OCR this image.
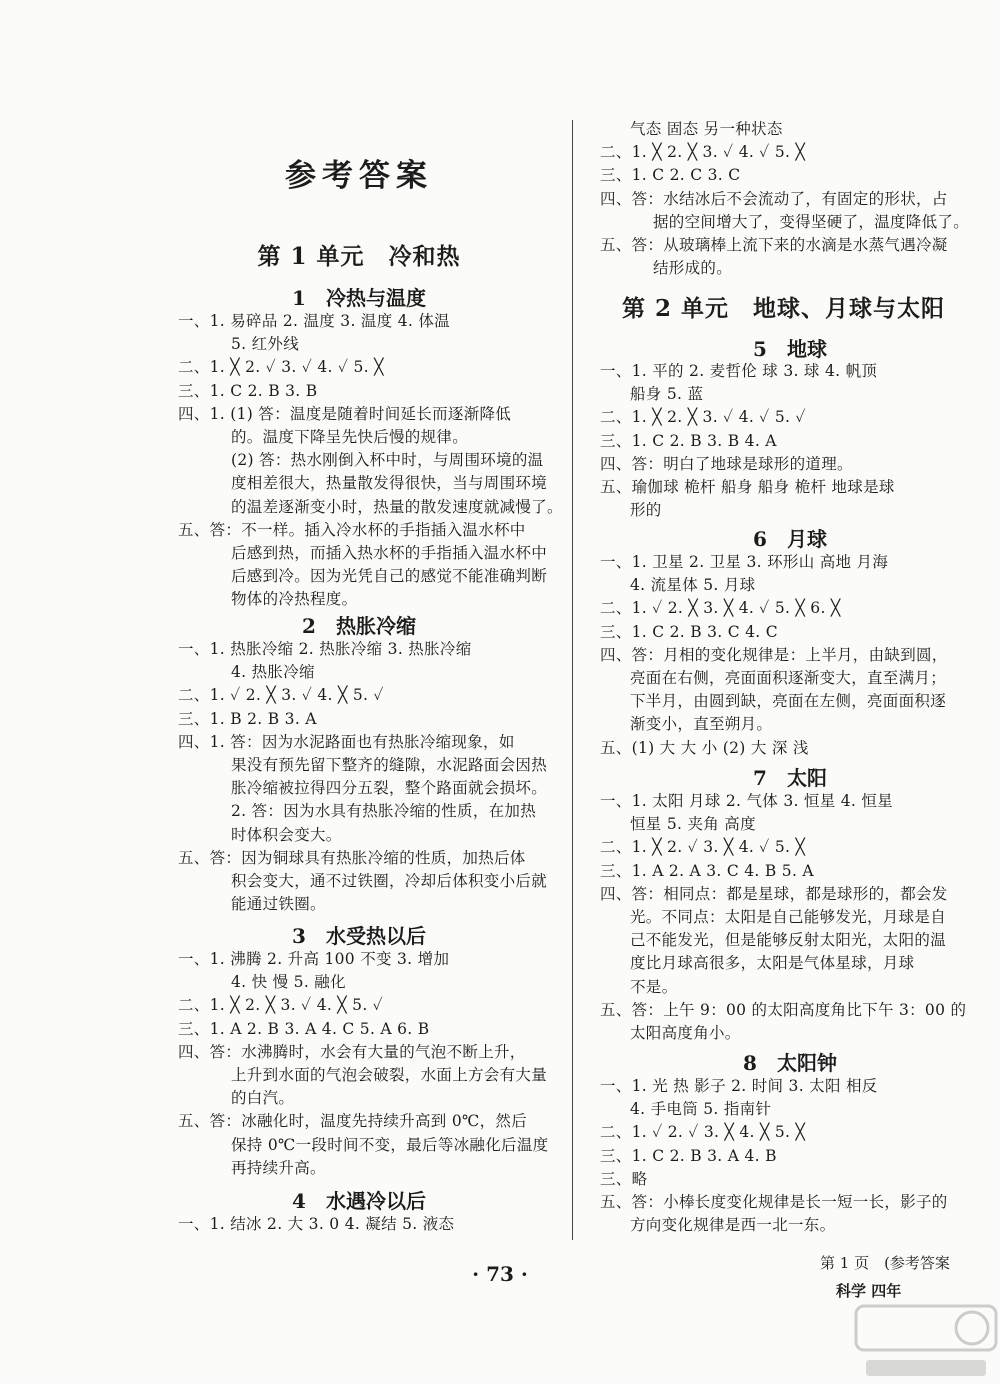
参考答案
第 1 单元　冷和热
1　冷热与温度
一、1. 易碎品 2. 温度 3. 温度 4. 体温
5. 红外线
二、1. ╳ 2. ✓ 3. ✓ 4. ✓ 5. ╳
三、1. C 2. B 3. B
四、1. (1) 答：温度是随着时间延长而逐渐降低
的。温度下降呈先快后慢的规律。
(2) 答：热水刚倒入杯中时，与周围环境的温
度相差很大，热量散发得很快，当与周围环境
的温差逐渐变小时，热量的散发速度就减慢了。
五、答：不一样。插入冷水杯的手指插入温水杯中
后感到热，而插入热水杯的手指插入温水杯中
后感到冷。因为光凭自己的感觉不能准确判断
物体的冷热程度。
2　热胀冷缩
一、1. 热胀冷缩 2. 热胀冷缩 3. 热胀冷缩
4. 热胀冷缩
二、1. ✓ 2. ╳ 3. ✓ 4. ╳ 5. ✓
三、1. B 2. B 3. A
四、1. 答：因为水泥路面也有热胀冷缩现象，如
果没有预先留下整齐的缝隙，水泥路面会因热
胀冷缩被拉得四分五裂，整个路面就会损坏。
2. 答：因为水具有热胀冷缩的性质，在加热
时体积会变大。
五、答：因为铜球具有热胀冷缩的性质，加热后体
积会变大，通不过铁圈，冷却后体积变小后就
能通过铁圈。
3　水受热以后
一、1. 沸腾 2. 升高 100 不变 3. 增加
4. 快 慢 5. 融化
二、1. ╳ 2. ╳ 3. ✓ 4. ╳ 5. ✓
三、1. A 2. B 3. A 4. C 5. A 6. B
四、答：水沸腾时，水会有大量的气泡不断上升，
上升到水面的气泡会破裂，水面上方会有大量
的白汽。
五、答：冰融化时，温度先持续升高到 0℃，然后
保持 0℃一段时间不变，最后等冰融化后温度
再持续升高。
4　水遇冷以后
一、1. 结冰 2. 大 3. 0 4. 凝结 5. 液态
气态 固态 另一种状态
二、1. ╳ 2. ╳ 3. ✓ 4. ✓ 5. ╳
三、1. C 2. C 3. C
四、答：水结冰后不会流动了，有固定的形状，占
据的空间增大了，变得坚硬了，温度降低了。
五、答：从玻璃棒上流下来的水滴是水蒸气遇冷凝
结形成的。
第 2 单元　地球、月球与太阳
5　地球
一、1. 平的 2. 麦哲伦 球 3. 球 4. 帆顶
船身 5. 蓝
二、1. ╳ 2. ╳ 3. ✓ 4. ✓ 5. ✓
三、1. C 2. B 3. B 4. A
四、答：明白了地球是球形的道理。
五、瑜伽球 桅杆 船身 船身 桅杆 地球是球
形的
6　月球
一、1. 卫星 2. 卫星 3. 环形山 高地 月海
4. 流星体 5. 月球
二、1. ✓ 2. ╳ 3. ╳ 4. ✓ 5. ╳ 6. ╳
三、1. C 2. B 3. C 4. C
四、答：月相的变化规律是：上半月，由缺到圆，
亮面在右侧，亮面面积逐渐变大，直至满月；
下半月，由圆到缺，亮面在左侧，亮面面积逐
渐变小，直至朔月。
五、(1) 大 大 小 (2) 大 深 浅
7　太阳
一、1. 太阳 月球 2. 气体 3. 恒星 4. 恒星
恒星 5. 夹角 高度
二、1. ╳ 2. ✓ 3. ╳ 4. ✓ 5. ╳
三、1. A 2. A 3. C 4. B 5. A
四、答：相同点：都是星球，都是球形的，都会发
光。不同点：太阳是自己能够发光，月球是自
己不能发光，但是能够反射太阳光，太阳的温
度比月球高很多，太阳是气体星球，月球
不是。
五、答：上午 9：00 的太阳高度角比下午 3：00 的
太阳高度角小。
8　太阳钟
一、1. 光 热 影子 2. 时间 3. 太阳 相反
4. 手电筒 5. 指南针
二、1. ✓ 2. ✓ 3. ╳ 4. ╳ 5. ╳
三、1. C 2. B 3. A 4. B
三、略
五、答：小棒长度变化规律是长一短一长，影子的
方向变化规律是西一北一东。
· 73 ·	第 1 页　(参考答案
科学 四年
